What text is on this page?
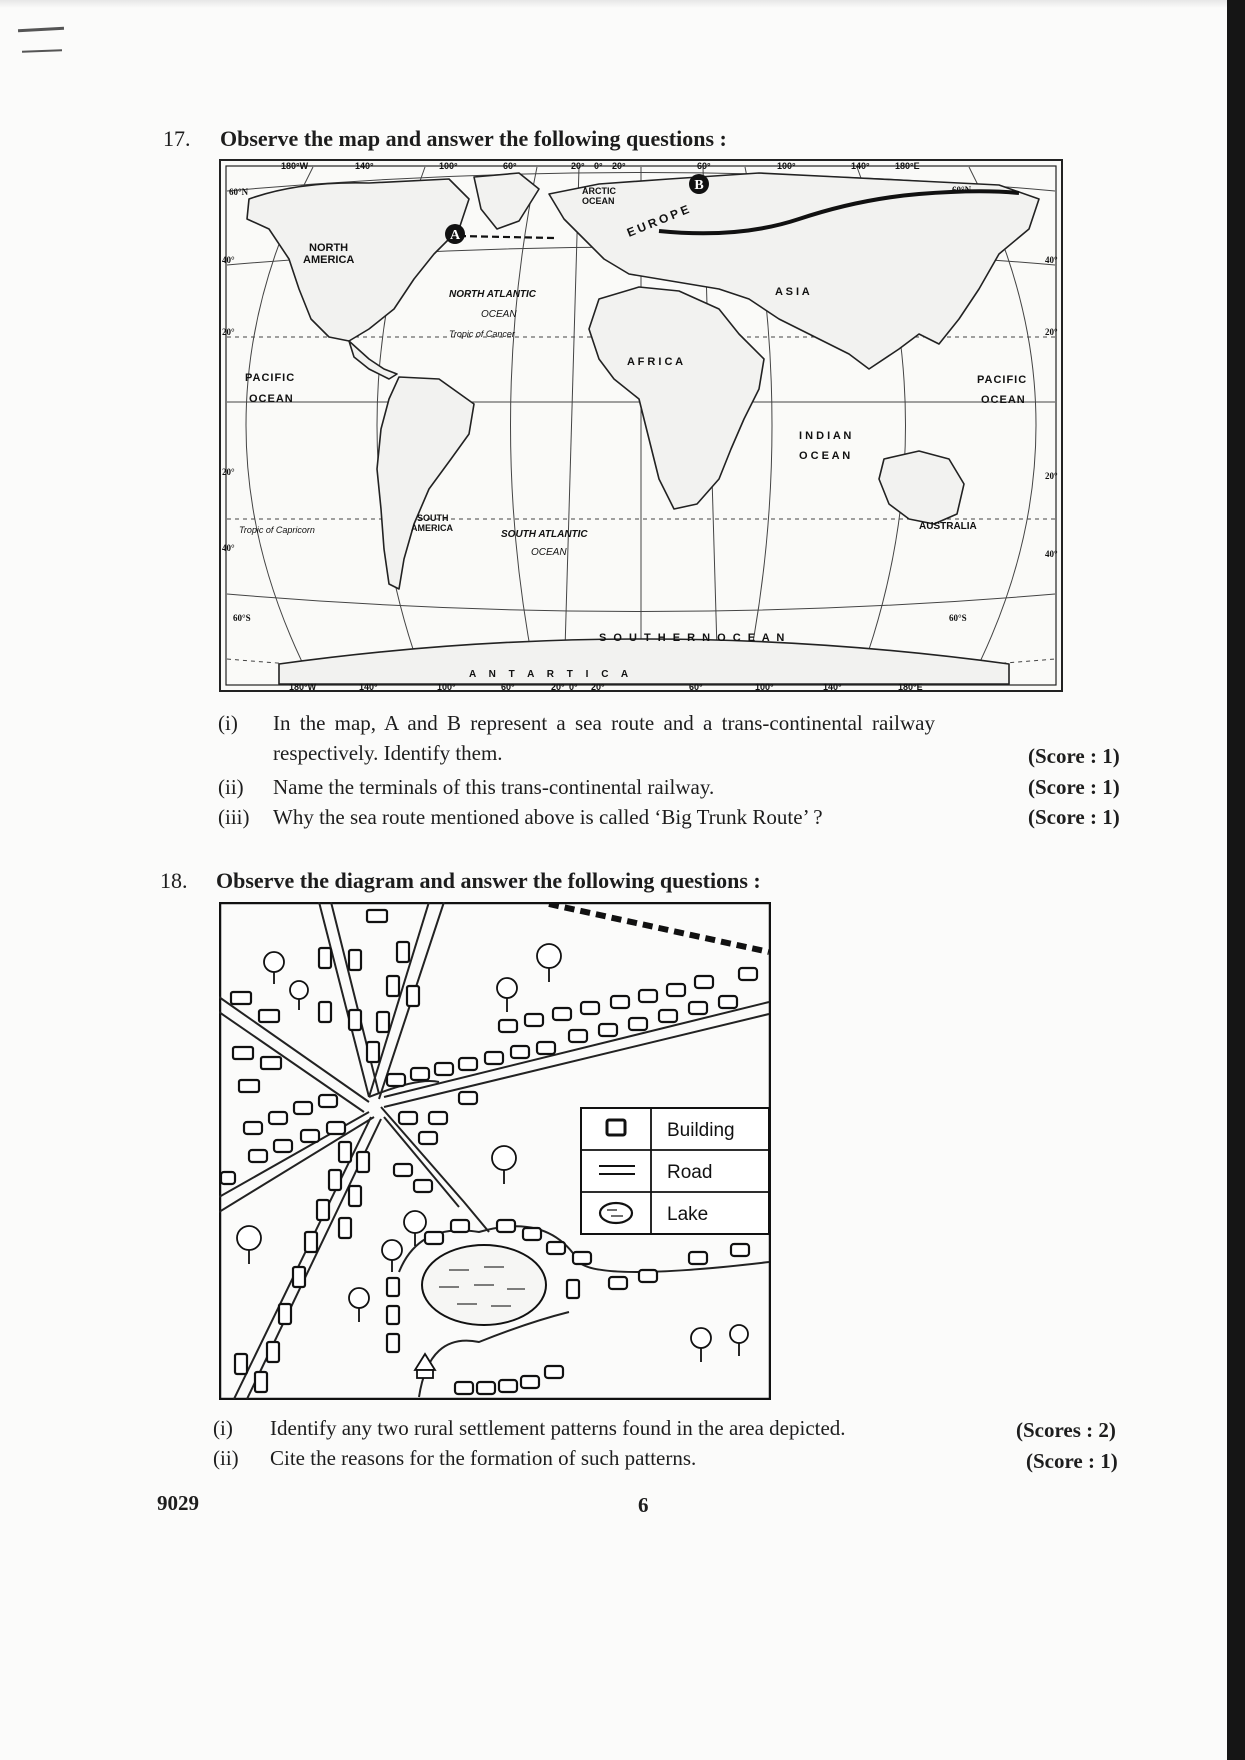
17. Observe the map and answer the following questions :
A
B
180°W	140°	100°	60°	20° 0° 20°	60°	100°	140°	180°E
180°W	140°	100°	60°	20° 0° 20°	60°	100°	140°	180°E
60°N
40°
20°
20°
40°
60°S
60°N
40°
20°
20°
40°
60°S
NORTH
AMERICA
SOUTH
AMERICA
EUROPE
A S I A
A F R I C A
AUSTRALIA
A N T A R T I C A
ARCTIC
OCEAN
NORTH ATLANTIC
OCEAN
SOUTH ATLANTIC
OCEAN
PACIFIC
OCEAN
PACIFIC
OCEAN
I N D I A N
O C E A N
S O U T H E R N O C E A N
Tropic of Cancer
Tropic of Capricorn
(i) In the map, A and B represent a sea route and a trans-continental railway
respectively. Identify them.	(Score : 1)
(ii) Name the terminals of this trans-continental railway.	(Score : 1)
(iii) Why the sea route mentioned above is called ‘Big Trunk Route’ ?	(Score : 1)
18. Observe the diagram and answer the following questions :
Building
Road
Lake
(i) Identify any two rural settlement patterns found in the area depicted.	(Scores : 2)
(ii) Cite the reasons for the formation of such patterns.	(Score : 1)
9029	6
